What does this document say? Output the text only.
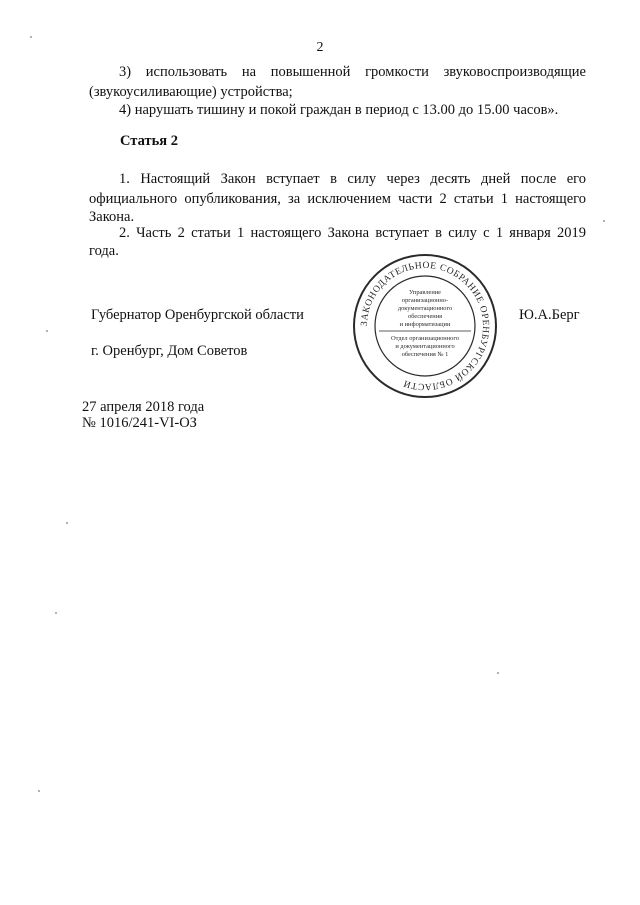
2

3) использовать на повышенной громкости звуковоспроизводящие

(звукоусиливающие) устройства;

4) нарушать тишину и покой граждан в период с 13.00 до 15.00 часов».

Статья 2

1. Настоящий Закон вступает в силу через десять дней после его

официального опубликования, за исключением части 2 статьи 1 настоящего

Закона.

2. Часть 2 статьи 1 настоящего Закона вступает в силу с 1 января 2019

года.

Губернатор Оренбургской области	Ю.А.Берг
г. Оренбург, Дом Советов
27 апреля 2018 года
№ 1016/241-VI-ОЗ
ЗАКОНОДАТЕЛЬНОЕ СОБРАНИЕ ОРЕНБУРГСКОЙ ОБЛАСТИ
Управление
организационно-
документационного
обеспечения
и информатизации
Отдел организационного
и документационного
обеспечения № 1
